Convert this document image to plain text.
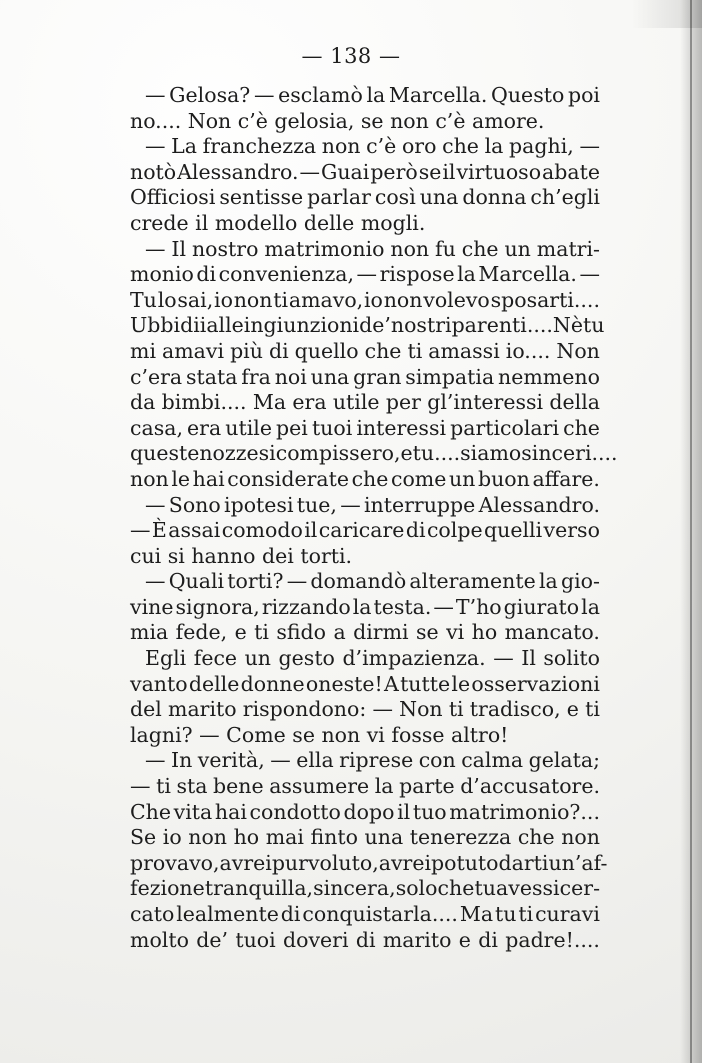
— 138 —
— Gelosa? — esclamò la Marcella. Questo poi
no.... Non c’è gelosia, se non c’è amore.
— La franchezza non c’è oro che la paghi, —
notò Alessandro. — Guai però se il virtuoso abate
Officiosi sentisse parlar così una donna ch’egli
crede il modello delle mogli.
— Il nostro matrimonio non fu che un matri-
monio di convenienza, — rispose la Marcella. —
Tu lo sai, io non ti amavo, io non volevo sposarti....
Ubbidii alle ingiunzioni de’ nostri parenti.... Nè tu
mi amavi più di quello che ti amassi io.... Non
c’era stata fra noi una gran simpatia nemmeno
da bimbi.... Ma era utile per gl’interessi della
casa, era utile pei tuoi interessi particolari che
queste nozze si compissero, e tu.... siamo sinceri....
non le hai considerate che come un buon affare.
— Sono ipotesi tue, — interruppe Alessandro.
— È assai comodo il caricare di colpe quelli verso
cui si hanno dei torti.
— Quali torti? — domandò alteramente la gio-
vine signora, rizzando la testa. — T’ho giurato la
mia fede, e ti sfido a dirmi se vi ho mancato.
Egli fece un gesto d’impazienza. — Il solito
vanto delle donne oneste! A tutte le osservazioni
del marito rispondono: — Non ti tradisco, e ti
lagni? — Come se non vi fosse altro!
— In verità, — ella riprese con calma gelata;
— ti sta bene assumere la parte d’accusatore.
Che vita hai condotto dopo il tuo matrimonio?...
Se io non ho mai finto una tenerezza che non
provavo, avrei pur voluto, avrei potuto darti un’af-
fezione tranquilla, sincera, solo che tu avessi cer-
cato lealmente di conquistarla.... Ma tu ti curavi
molto de’ tuoi doveri di marito e di padre!....
